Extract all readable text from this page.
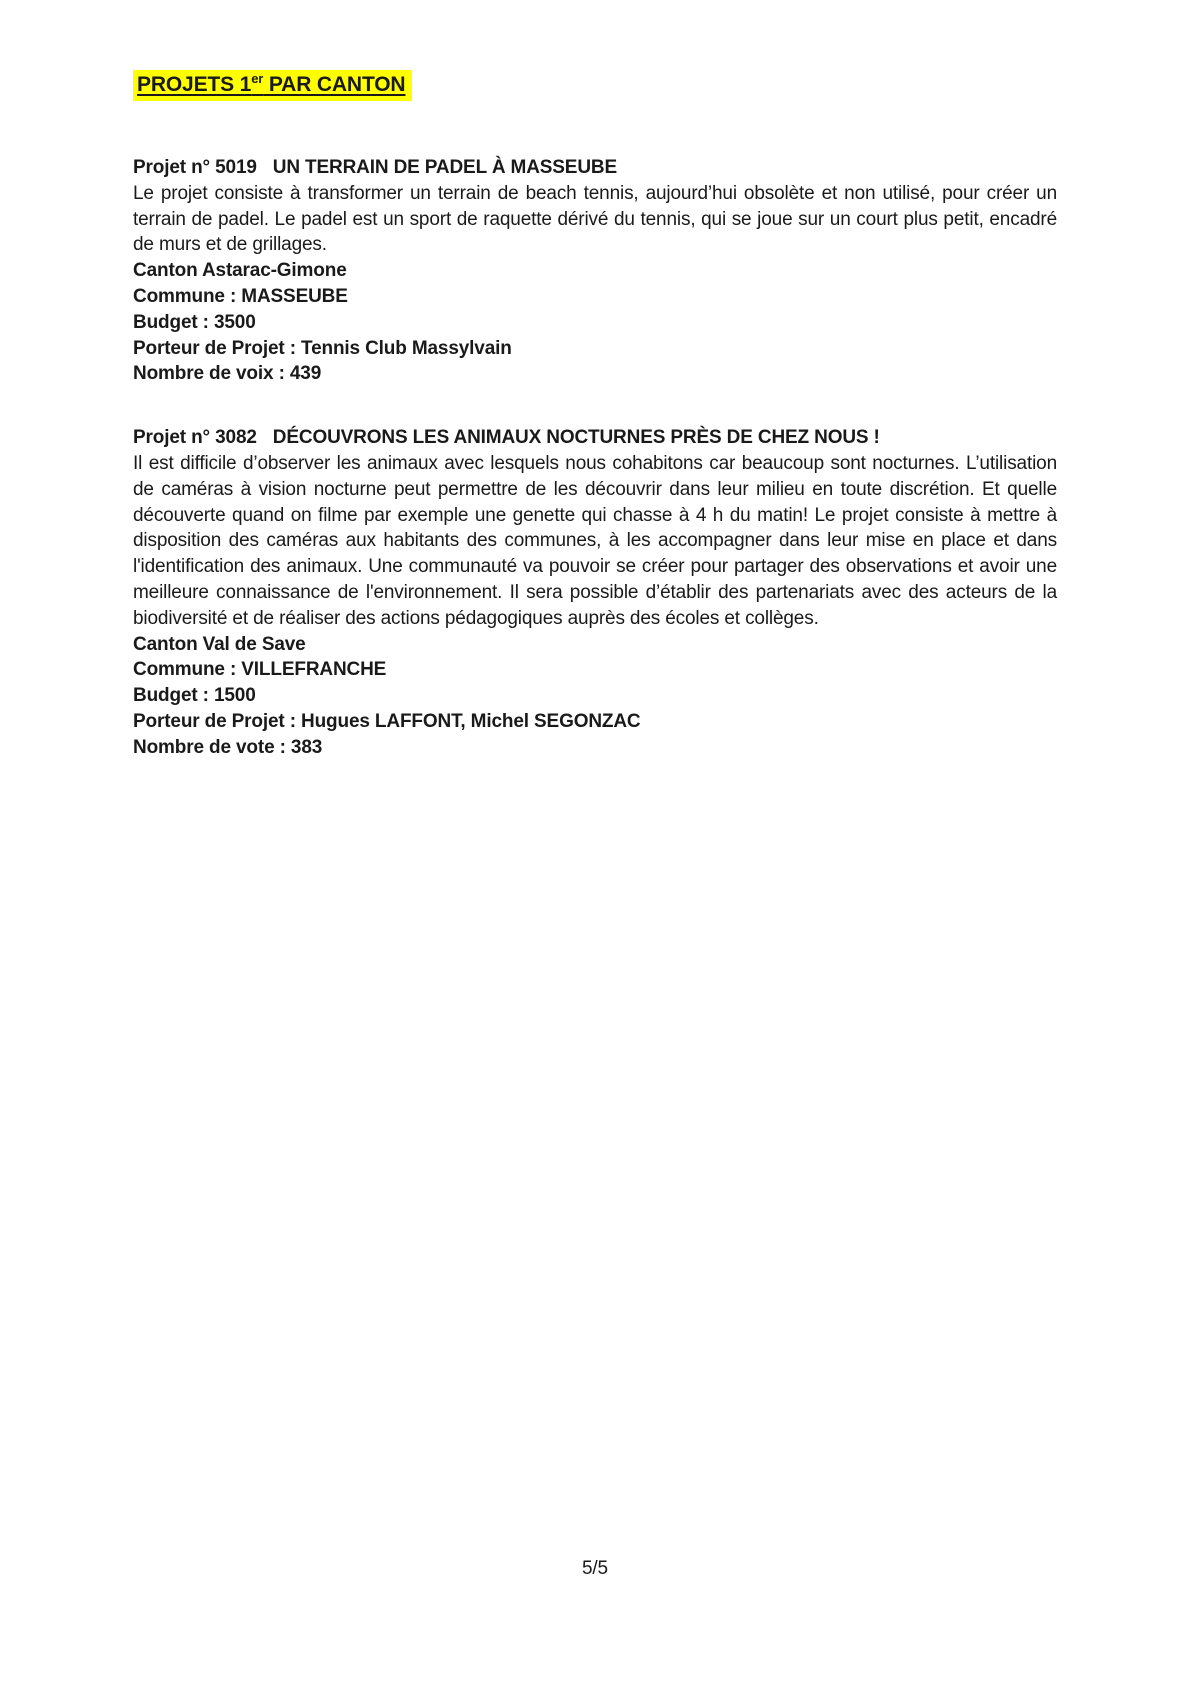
PROJETS 1er PAR CANTON

Projet n° 5019 UN TERRAIN DE PADEL À MASSEUBE

Le projet consiste à transformer un terrain de beach tennis, aujourd’hui obsolète et non utilisé, pour créer un terrain de padel. Le padel est un sport de raquette dérivé du tennis, qui se joue sur un court plus petit, encadré de murs et de grillages.

Canton Astarac-Gimone

Commune : MASSEUBE

Budget : 3500

Porteur de Projet : Tennis Club Massylvain

Nombre de voix : 439

Projet n° 3082 DÉCOUVRONS LES ANIMAUX NOCTURNES PRÈS DE CHEZ NOUS !

Il est difficile d’observer les animaux avec lesquels nous cohabitons car beaucoup sont nocturnes. L’utilisation de caméras à vision nocturne peut permettre de les découvrir dans leur milieu en toute discrétion. Et quelle découverte quand on filme par exemple une genette qui chasse à 4 h du matin! Le projet consiste à mettre à disposition des caméras aux habitants des communes, à les accompagner dans leur mise en place et dans l'identification des animaux. Une communauté va pouvoir se créer pour partager des observations et avoir une meilleure connaissance de l'environnement. Il sera possible d’établir des partenariats avec des acteurs de la biodiversité et de réaliser des actions pédagogiques auprès des écoles et collèges.

Canton Val de Save

Commune : VILLEFRANCHE

Budget : 1500

Porteur de Projet : Hugues LAFFONT, Michel SEGONZAC

Nombre de vote : 383

5/5
